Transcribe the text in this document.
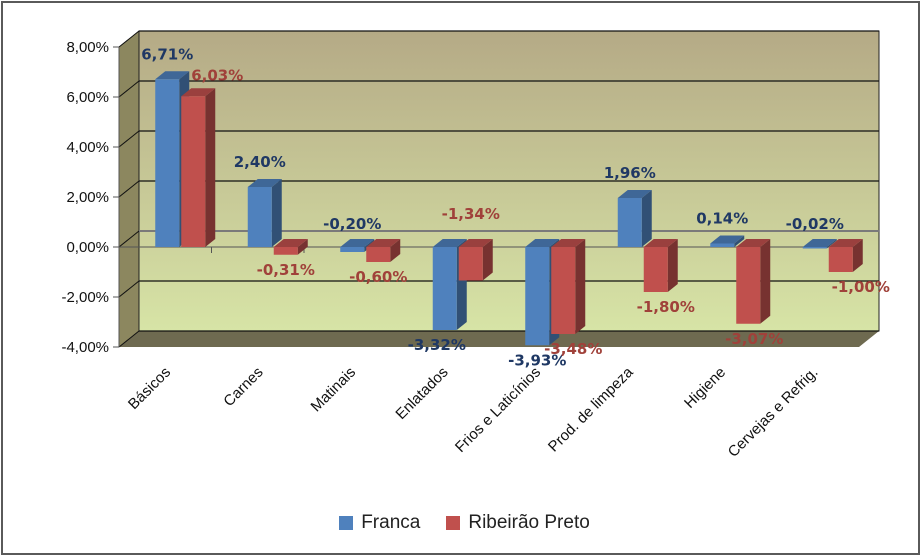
8,00%
6,00%
4,00%
2,00%
0,00%
-2,00%
-4,00%
6,71%
6,03%
Básicos
2,40%
-0,31%
Carnes
-0,20%
-0,60%
Matinais
-3,32%
-1,34%
Enlatados
-3,93%
-3,48%
Frios e Laticínios
1,96%
-1,80%
Prod. de limpeza
0,14%
-3,07%
Higiene
-0,02%
-1,00%
Cervejas e Refrig.
Franca	Ribeirão Preto
